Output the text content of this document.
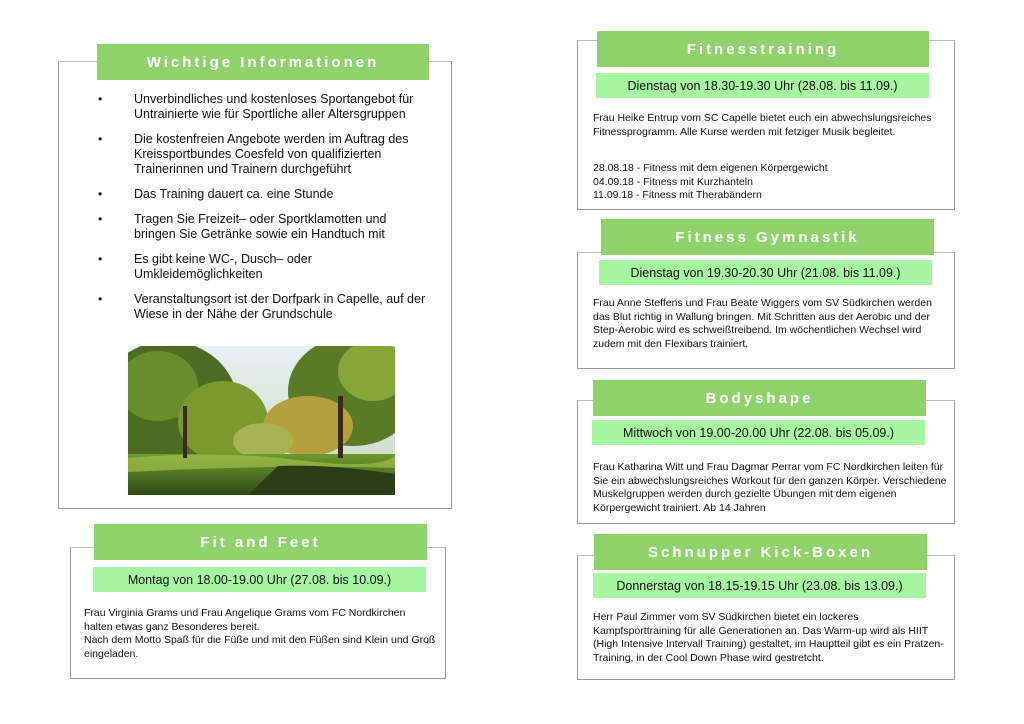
Wichtige Informationen
• Unverbindliches und kostenloses Sportangebot für Untrainierte wie für Sportliche aller Altersgruppen
• Die kostenfreien Angebote werden im Auftrag des Kreissportbundes Coesfeld von qualifizierten Trainerinnen und Trainern durchgeführt
• Das Training dauert ca. eine Stunde
• Tragen Sie Freizeit– oder Sportklamotten und bringen Sie Getränke sowie ein Handtuch mit
• Es gibt keine WC-, Dusch– oder Umkleidemöglichkeiten
• Veranstaltungsort ist der Dorfpark in Capelle, auf der Wiese in der Nähe der Grundschule
Fit and Feet
Montag von 18.00-19.00 Uhr (27.08. bis 10.09.)

Frau Virginia Grams und Frau Angelique Grams vom FC Nordkirchen halten etwas ganz Besonderes bereit.

Nach dem Motto Spaß für die Füße und mit den Füßen sind Klein und Groß eingeladen.

Fitnesstraining
Dienstag von 18.30-19.30 Uhr (28.08. bis 11.09.)
Frau Heike Entrup vom SC Capelle bietet euch ein abwechslungsreiches Fitnessprogramm. Alle Kurse werden mit fetziger Musik begleitet.

28.08.18 - Fitness mit dem eigenen Körpergewicht

04.09.18 - Fitness mit Kurzhanteln

11.09.18 - Fitness mit Therabändern

Fitness Gymnastik
Dienstag von 19.30-20.30 Uhr (21.08. bis 11.09.)
Frau Anne Steffens und Frau Beate Wiggers vom SV Südkirchen werden das Blut richtig in Wallung bringen. Mit Schritten aus der Aerobic und der Step-Aerobic wird es schweißtreibend. Im wöchentlichen Wechsel wird zudem mit den Flexibars trainiert.
Bodyshape
Mittwoch von 19.00-20.00 Uhr (22.08. bis 05.09.)
Frau Katharina Witt und Frau Dagmar Perrar vom FC Nordkirchen leiten für Sie ein abwechslungsreiches Workout für den ganzen Körper. Verschiedene Muskelgruppen werden durch gezielte Übungen mit dem eigenen Körpergewicht trainiert. Ab 14 Jahren
Schnupper Kick-Boxen
Donnerstag von 18.15-19.15 Uhr (23.08. bis 13.09.)
Herr Paul Zimmer vom SV Südkirchen bietet ein lockeres Kampfsporttraining für alle Generationen an. Das Warm-up wird als HIIT (High Intensive Intervall Training) gestaltet, im Hauptteil gibt es ein Pratzen-Training, in der Cool Down Phase wird gestretcht.
